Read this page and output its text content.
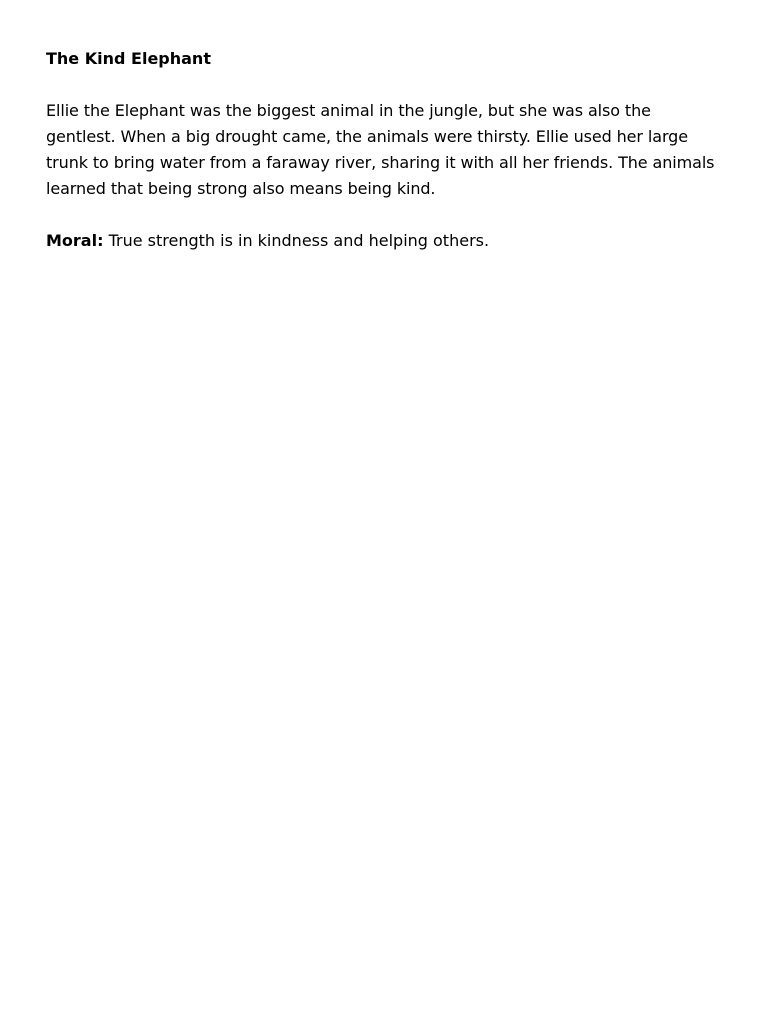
The Kind Elephant

Ellie the Elephant was the biggest animal in the jungle, but she was also the gentlest. When a big drought came, the animals were thirsty. Ellie used her large trunk to bring water from a faraway river, sharing it with all her friends. The animals learned that being strong also means being kind.

Moral: True strength is in kindness and helping others.
